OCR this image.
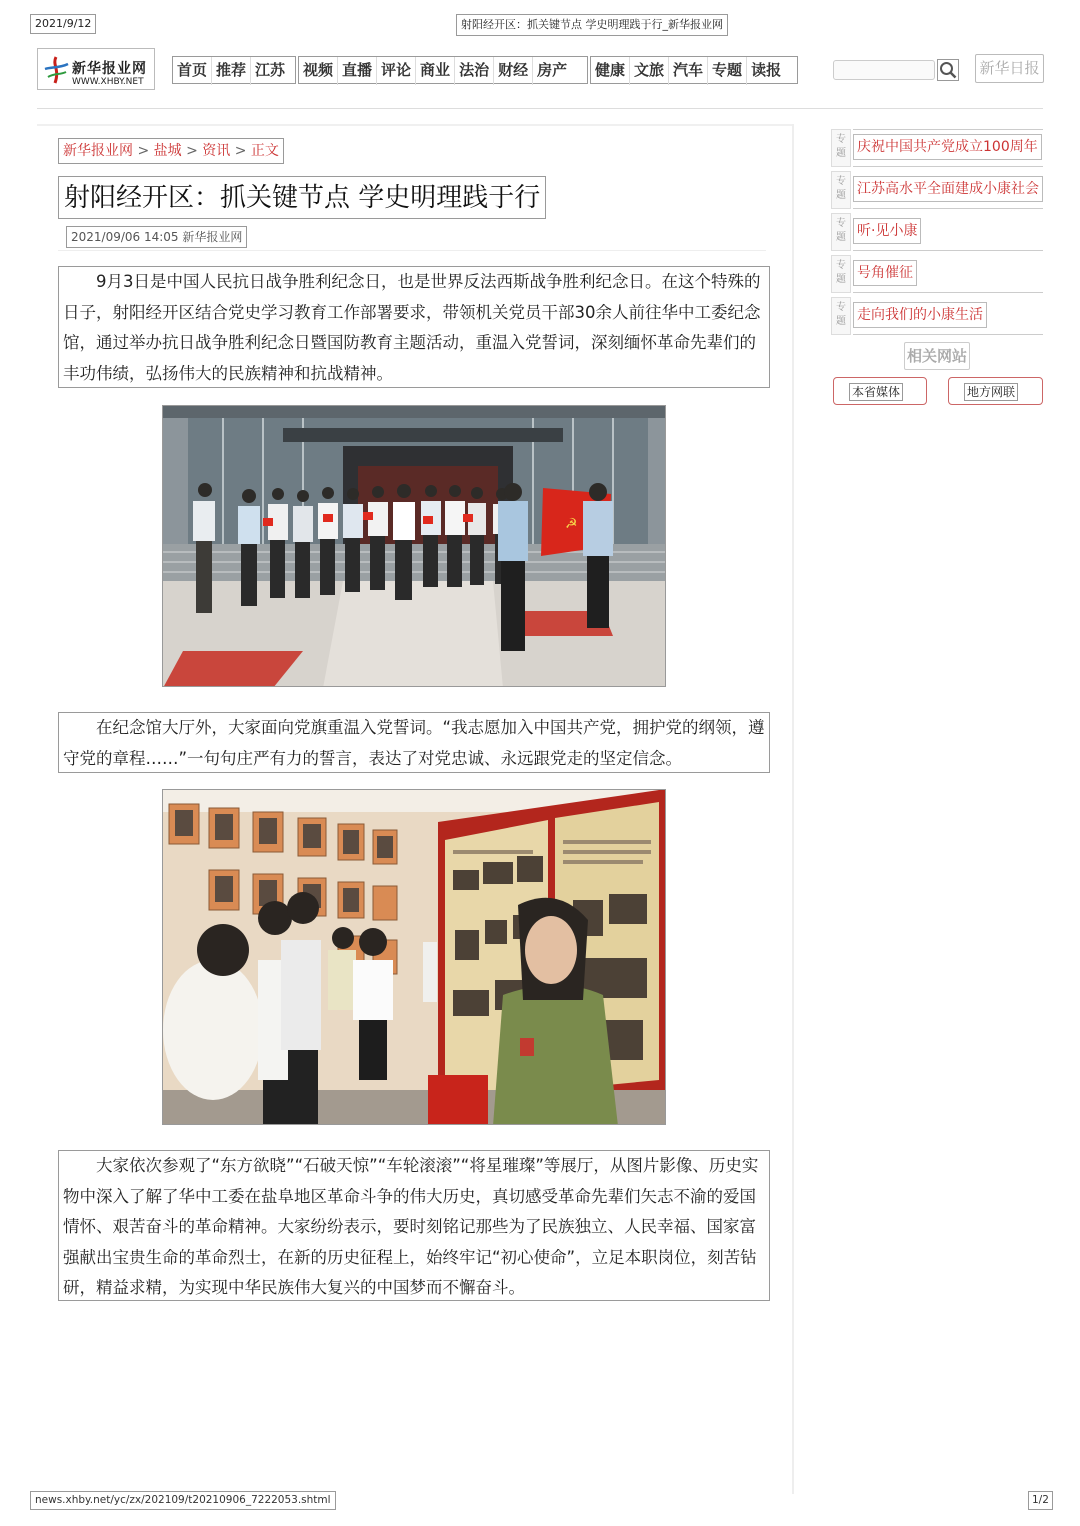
2021/9/12	射阳经开区：抓关键节点 学史明理践于行_新华报业网
新华报业网
WWW.XHBY.NET
首页 推荐 江苏 视频 直播 评论 商业 法治 财经 房产 健康 文旅 汽车 专题 读报	新华日报
新华报业网 > 盐城 > 资讯 > 正文
射阳经开区：抓关键节点 学史明理践于行
2021/09/06 14:05 新华报业网

9月3日是中国人民抗日战争胜利纪念日，也是世界反法西斯战争胜利纪念日。在这个特殊的日子，射阳经开区结合党史学习教育工作部署要求，带领机关党员干部30余人前往华中工委纪念馆，通过举办抗日战争胜利纪念日暨国防教育主题活动，重温入党誓词，深刻缅怀革命先辈们的丰功伟绩，弘扬伟大的民族精神和抗战精神。

☭

在纪念馆大厅外，大家面向党旗重温入党誓词。“我志愿加入中国共产党，拥护党的纲领，遵守党的章程……”一句句庄严有力的誓言，表达了对党忠诚、永远跟党走的坚定信念。

大家依次参观了“东方欲晓”“石破天惊”“车轮滚滚”“将星璀璨”等展厅，从图片影像、历史实物中深入了解了华中工委在盐阜地区革命斗争的伟大历史，真切感受革命先辈们矢志不渝的爱国情怀、艰苦奋斗的革命精神。大家纷纷表示，要时刻铭记那些为了民族独立、人民幸福、国家富强献出宝贵生命的革命烈士，在新的历史征程上，始终牢记“初心使命”，立足本职岗位，刻苦钻研，精益求精，为实现中华民族伟大复兴的中国梦而不懈奋斗。

专题
专题
专题
专题
专题
庆祝中国共产党成立100周年
江苏高水平全面建成小康社会
听·见小康
号角催征
走向我们的小康生活
相关网站
本省媒体	地方网联
news.xhby.net/yc/zx/202109/t20210906_7222053.shtml	1/2
